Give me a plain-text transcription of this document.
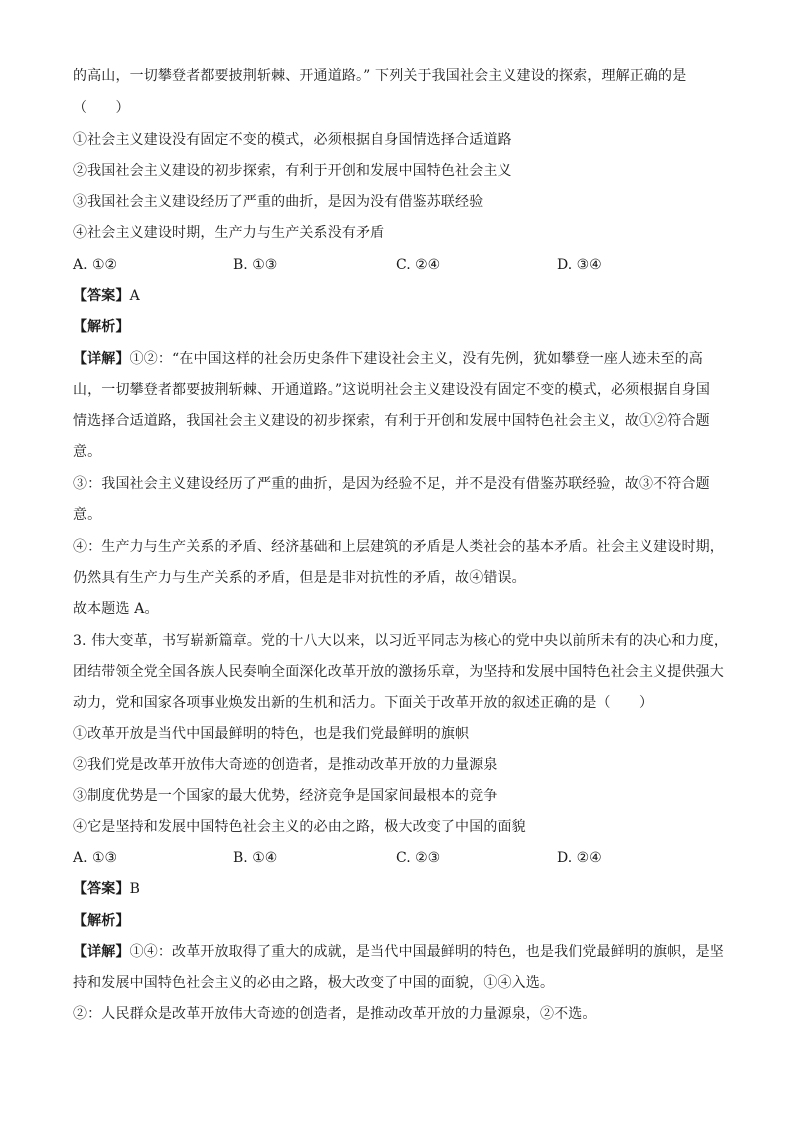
的高山，一切攀登者都要披荆斩棘、开通道路。” 下列关于我国社会主义建设的探索，理解正确的是
（　　）
①社会主义建设没有固定不变的模式，必须根据自身国情选择合适道路
②我国社会主义建设的初步探索，有利于开创和发展中国特色社会主义
③我国社会主义建设经历了严重的曲折，是因为没有借鉴苏联经验
④社会主义建设时期，生产力与生产关系没有矛盾
A. ①②	B. ①③	C. ②④	D. ③④
【答案】A
【解析】
【详解】①②：“在中国这样的社会历史条件下建设社会主义，没有先例，犹如攀登一座人迹未至的高
山，一切攀登者都要披荆斩棘、开通道路。”这说明社会主义建设没有固定不变的模式，必须根据自身国
情选择合适道路，我国社会主义建设的初步探索，有利于开创和发展中国特色社会主义，故①②符合题
意。
③：我国社会主义建设经历了严重的曲折，是因为经验不足，并不是没有借鉴苏联经验，故③不符合题
意。
④：生产力与生产关系的矛盾、经济基础和上层建筑的矛盾是人类社会的基本矛盾。社会主义建设时期，
仍然具有生产力与生产关系的矛盾，但是是非对抗性的矛盾，故④错误。
故本题选 A。
3. 伟大变革，书写崭新篇章。党的十八大以来，以习近平同志为核心的党中央以前所未有的决心和力度，
团结带领全党全国各族人民奏响全面深化改革开放的激扬乐章，为坚持和发展中国特色社会主义提供强大
动力，党和国家各项事业焕发出新的生机和活力。下面关于改革开放的叙述正确的是（　　）
①改革开放是当代中国最鲜明的特色，也是我们党最鲜明的旗帜
②我们党是改革开放伟大奇迹的创造者，是推动改革开放的力量源泉
③制度优势是一个国家的最大优势，经济竞争是国家间最根本的竞争
④它是坚持和发展中国特色社会主义的必由之路，极大改变了中国的面貌
A. ①③	B. ①④	C. ②③	D. ②④
【答案】B
【解析】
【详解】①④：改革开放取得了重大的成就，是当代中国最鲜明的特色，也是我们党最鲜明的旗帜，是坚
持和发展中国特色社会主义的必由之路，极大改变了中国的面貌，①④入选。
②：人民群众是改革开放伟大奇迹的创造者，是推动改革开放的力量源泉，②不选。
